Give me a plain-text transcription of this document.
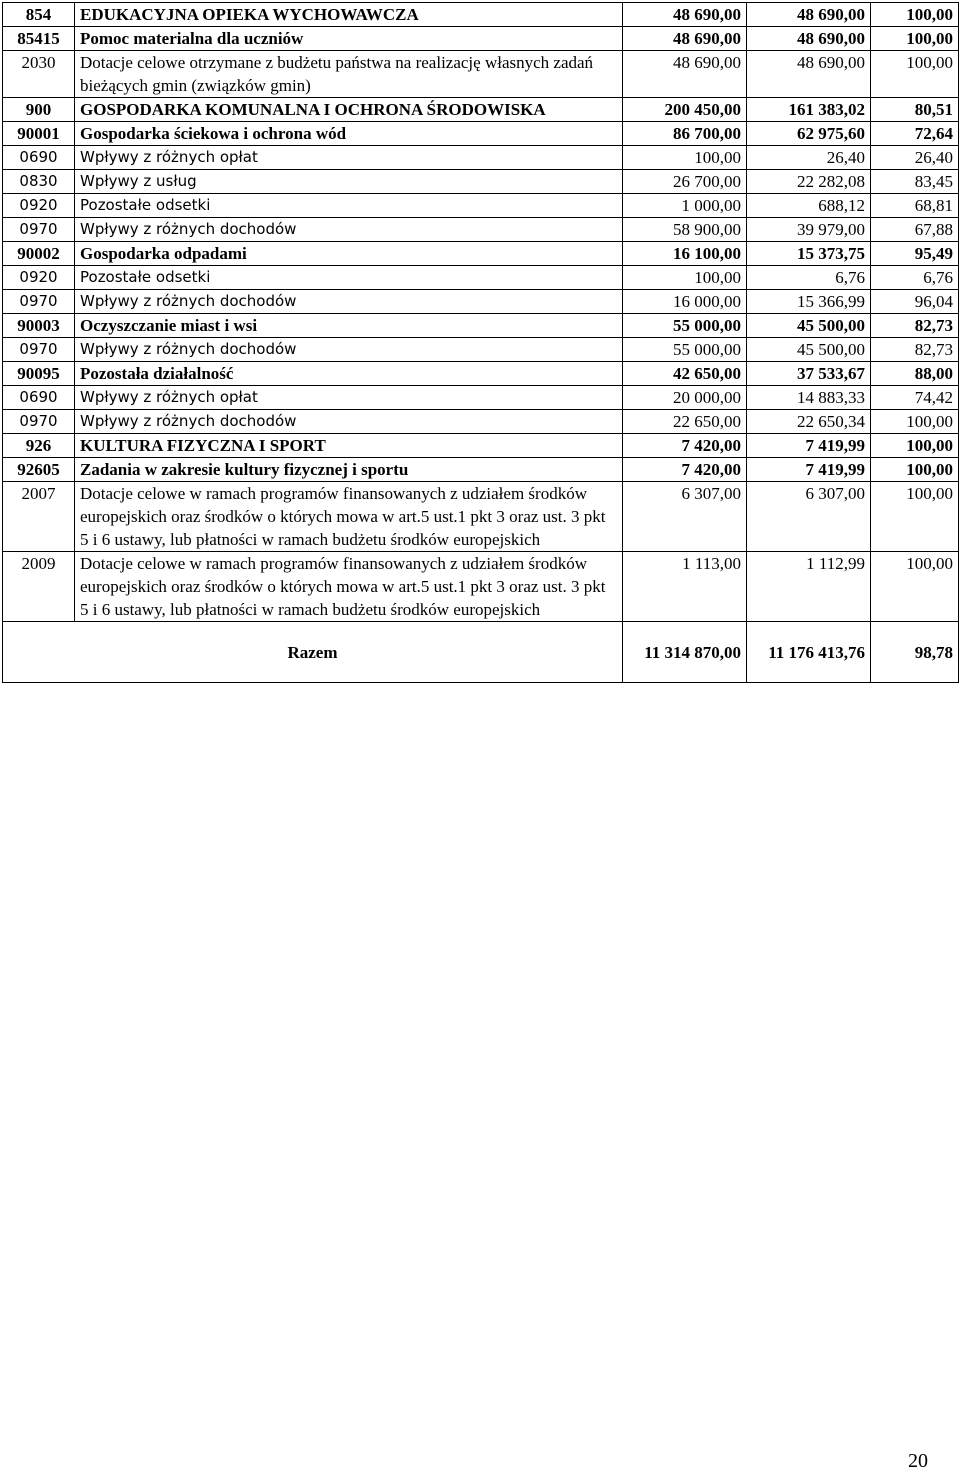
854	EDUKACYJNA OPIEKA WYCHOWAWCZA	48 690,00	48 690,00	100,00
85415	Pomoc materialna dla uczniów	48 690,00	48 690,00	100,00
2030	Dotacje celowe otrzymane z budżetu państwa na realizację własnych zadań bieżących gmin (związków gmin)	48 690,00	48 690,00	100,00
900	GOSPODARKA KOMUNALNA I OCHRONA ŚRODOWISKA	200 450,00	161 383,02	80,51
90001	Gospodarka ściekowa i ochrona wód	86 700,00	62 975,60	72,64
0690	Wpływy z różnych opłat	100,00	26,40	26,40
0830	Wpływy z usług	26 700,00	22 282,08	83,45
0920	Pozostałe odsetki	1 000,00	688,12	68,81
0970	Wpływy z różnych dochodów	58 900,00	39 979,00	67,88
90002	Gospodarka odpadami	16 100,00	15 373,75	95,49
0920	Pozostałe odsetki	100,00	6,76	6,76
0970	Wpływy z różnych dochodów	16 000,00	15 366,99	96,04
90003	Oczyszczanie miast i wsi	55 000,00	45 500,00	82,73
0970	Wpływy z różnych dochodów	55 000,00	45 500,00	82,73
90095	Pozostała działalność	42 650,00	37 533,67	88,00
0690	Wpływy z różnych opłat	20 000,00	14 883,33	74,42
0970	Wpływy z różnych dochodów	22 650,00	22 650,34	100,00
926	KULTURA FIZYCZNA I SPORT	7 420,00	7 419,99	100,00
92605	Zadania w zakresie kultury fizycznej i sportu	7 420,00	7 419,99	100,00
2007	Dotacje celowe w ramach programów finansowanych z udziałem środków europejskich oraz środków o których mowa w art.5 ust.1 pkt 3 oraz ust. 3 pkt 5 i 6 ustawy, lub płatności w ramach budżetu środków europejskich	6 307,00	6 307,00	100,00
2009	Dotacje celowe w ramach programów finansowanych z udziałem środków europejskich oraz środków o których mowa w art.5 ust.1 pkt 3 oraz ust. 3 pkt 5 i 6 ustawy, lub płatności w ramach budżetu środków europejskich	1 113,00	1 112,99	100,00
Razem		11 314 870,00	11 176 413,76	98,78
20
